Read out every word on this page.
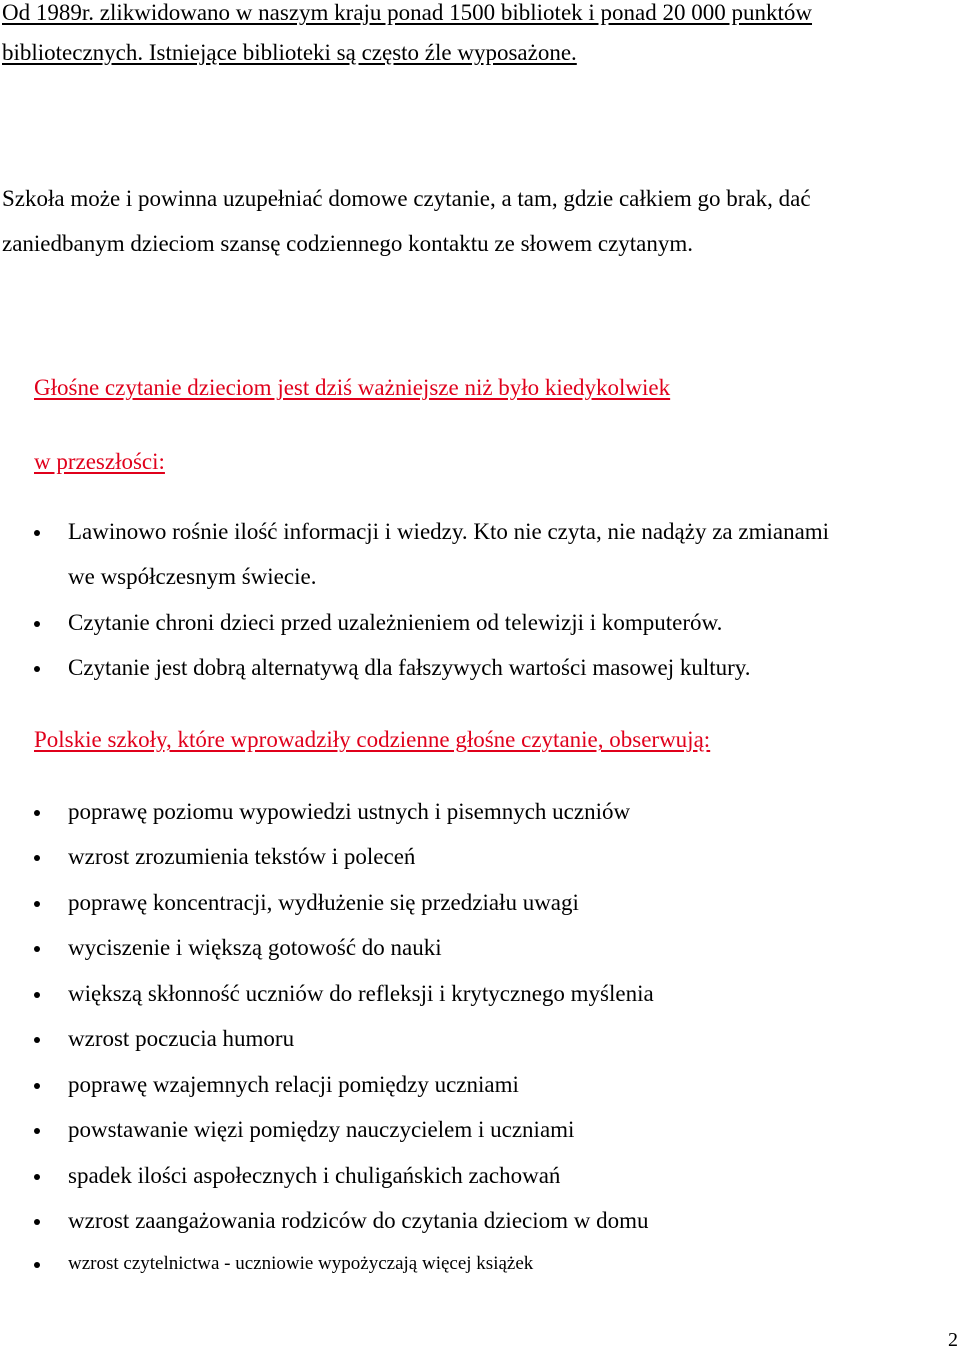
Od 1989r. zlikwidowano w naszym kraju ponad 1500 bibliotek i ponad 20 000 punktów
bibliotecznych. Istniejące biblioteki są często źle wyposażone.
Szkoła może i powinna uzupełniać domowe czytanie, a tam, gdzie całkiem go brak, dać
zaniedbanym dzieciom szansę codziennego kontaktu ze słowem czytanym.
Głośne czytanie dzieciom jest dziś ważniejsze niż było kiedykolwiek
w przeszłości:
Lawinowo rośnie ilość informacji i wiedzy. Kto nie czyta, nie nadąży za zmianami
we współczesnym świecie.
Czytanie chroni dzieci przed uzależnieniem od telewizji i komputerów.
Czytanie jest dobrą alternatywą dla fałszywych wartości masowej kultury.
Polskie szkoły, które wprowadziły codzienne głośne czytanie, obserwują:
poprawę poziomu wypowiedzi ustnych i pisemnych uczniów
wzrost zrozumienia tekstów i poleceń
poprawę koncentracji, wydłużenie się przedziału uwagi
wyciszenie i większą gotowość do nauki
większą skłonność uczniów do refleksji i krytycznego myślenia
wzrost poczucia humoru
poprawę wzajemnych relacji pomiędzy uczniami
powstawanie więzi pomiędzy nauczycielem i uczniami
spadek ilości aspołecznych i chuligańskich zachowań
wzrost zaangażowania rodziców do czytania dzieciom w domu
wzrost czytelnictwa - uczniowie wypożyczają więcej książek
2
